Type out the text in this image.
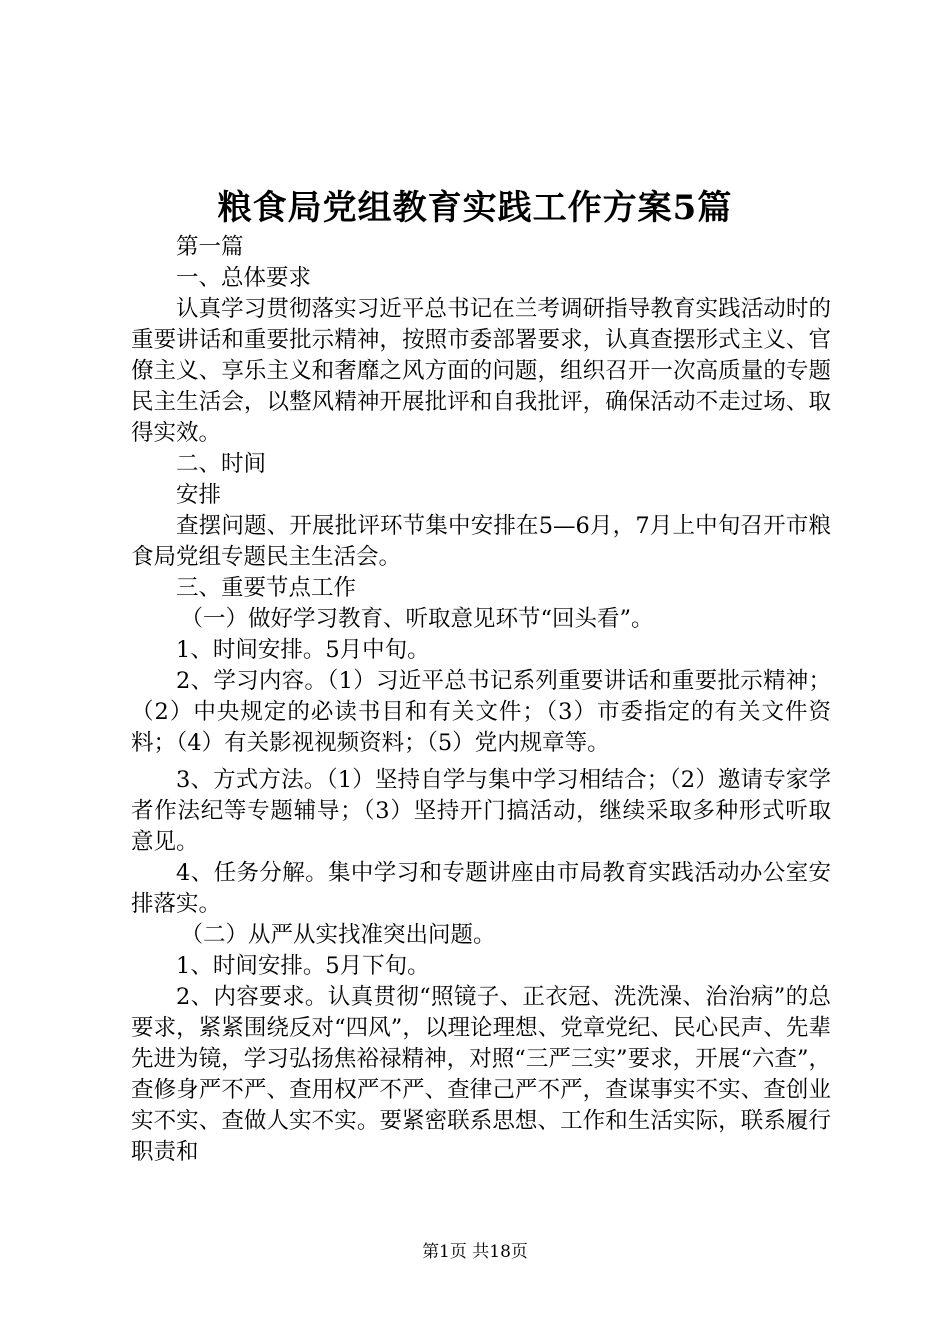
粮食局党组教育实践工作方案5篇

第一篇

一、总体要求

认真学习贯彻落实习近平总书记在兰考调研指导教育实践活动时的重要讲话和重要批示精神，按照市委部署要求，认真查摆形式主义、官僚主义、享乐主义和奢靡之风方面的问题，组织召开一次高质量的专题民主生活会，以整风精神开展批评和自我批评，确保活动不走过场、取得实效。

二、时间

安排

查摆问题、开展批评环节集中安排在5—6月，7月上中旬召开市粮食局党组专题民主生活会。

三、重要节点工作

（一）做好学习教育、听取意见环节“回头看”。

1、时间安排。5月中旬。

2、学习内容。（1）习近平总书记系列重要讲话和重要批示精神；（2）中央规定的必读书目和有关文件；（3）市委指定的有关文件资料；（4）有关影视视频资料；（5）党内规章等。

3、方式方法。（1）坚持自学与集中学习相结合；（2）邀请专家学者作法纪等专题辅导；（3）坚持开门搞活动，继续采取多种形式听取意见。

4、任务分解。集中学习和专题讲座由市局教育实践活动办公室安排落实。

（二）从严从实找准突出问题。

1、时间安排。5月下旬。

2、内容要求。认真贯彻“照镜子、正衣冠、洗洗澡、治治病”的总要求，紧紧围绕反对“四风”，以理论理想、党章党纪、民心民声、先辈先进为镜，学习弘扬焦裕禄精神，对照“三严三实”要求，开展“六查”，查修身严不严、查用权严不严、查律己严不严，查谋事实不实、查创业实不实、查做人实不实。要紧密联系思想、工作和生活实际，联系履行职责和

第1页 共18页
